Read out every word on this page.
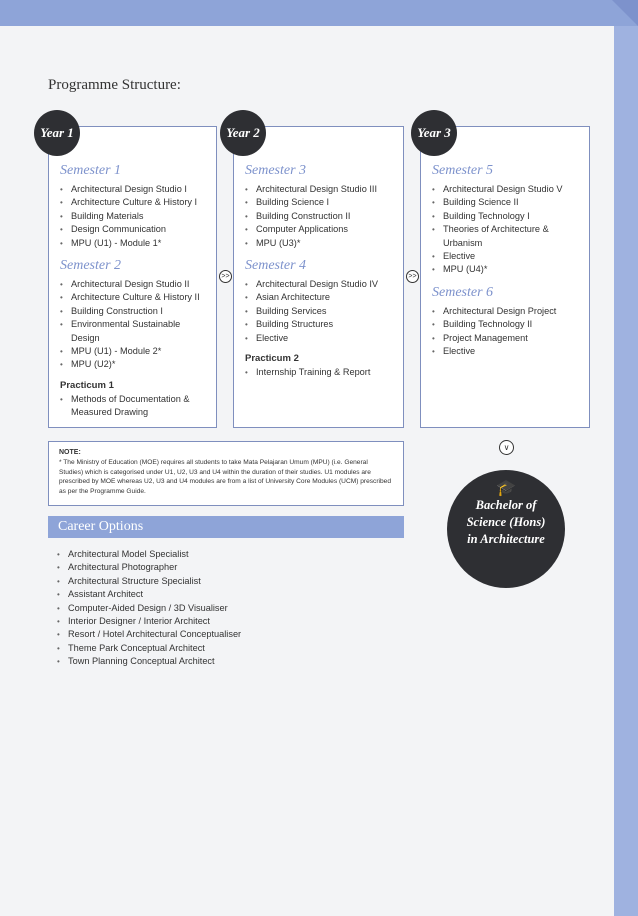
Programme Structure:
Semester 1
• Architectural Design Studio I
• Architecture Culture & History I
• Building Materials
• Design Communication
• MPU (U1) - Module 1*
Semester 2
• Architectural Design Studio II
• Architecture Culture & History II
• Building Construction I
• Environmental Sustainable Design
• MPU (U1) - Module 2*
• MPU (U2)*
Practicum 1
• Methods of Documentation & Measured Drawing
Year 1
>>
Semester 3
• Architectural Design Studio III
• Building Science I
• Building Construction II
• Computer Applications
• MPU (U3)*
Semester 4
• Architectural Design Studio IV
• Asian Architecture
• Building Services
• Building Structures
• Elective
Practicum 2
• Internship Training & Report
Year 2
>>
Semester 5
• Architectural Design Studio V
• Building Science II
• Building Technology I
• Theories of Architecture & Urbanism
• Elective
• MPU (U4)*
Semester 6
• Architectural Design Project
• Building Technology II
• Project Management
• Elective
Year 3
NOTE:
* The Ministry of Education (MOE) requires all students to take Mata Pelajaran Umum (MPU) (i.e. General Studies) which is categorised under U1, U2, U3 and U4 within the duration of their studies. U1 modules are prescribed by MOE whereas U2, U3 and U4 modules are from a list of University Core Modules (UCM) prescribed as per the Programme Guide.
Career Options
• Architectural Model Specialist
• Architectural Photographer
• Architectural Structure Specialist
• Assistant Architect
• Computer-Aided Design / 3D Visualiser
• Interior Designer / Interior Architect
• Resort / Hotel Architectural Conceptualiser
• Theme Park Conceptual Architect
• Town Planning Conceptual Architect
∨
🎓
Bachelor of
Science (Hons)
in Architecture
